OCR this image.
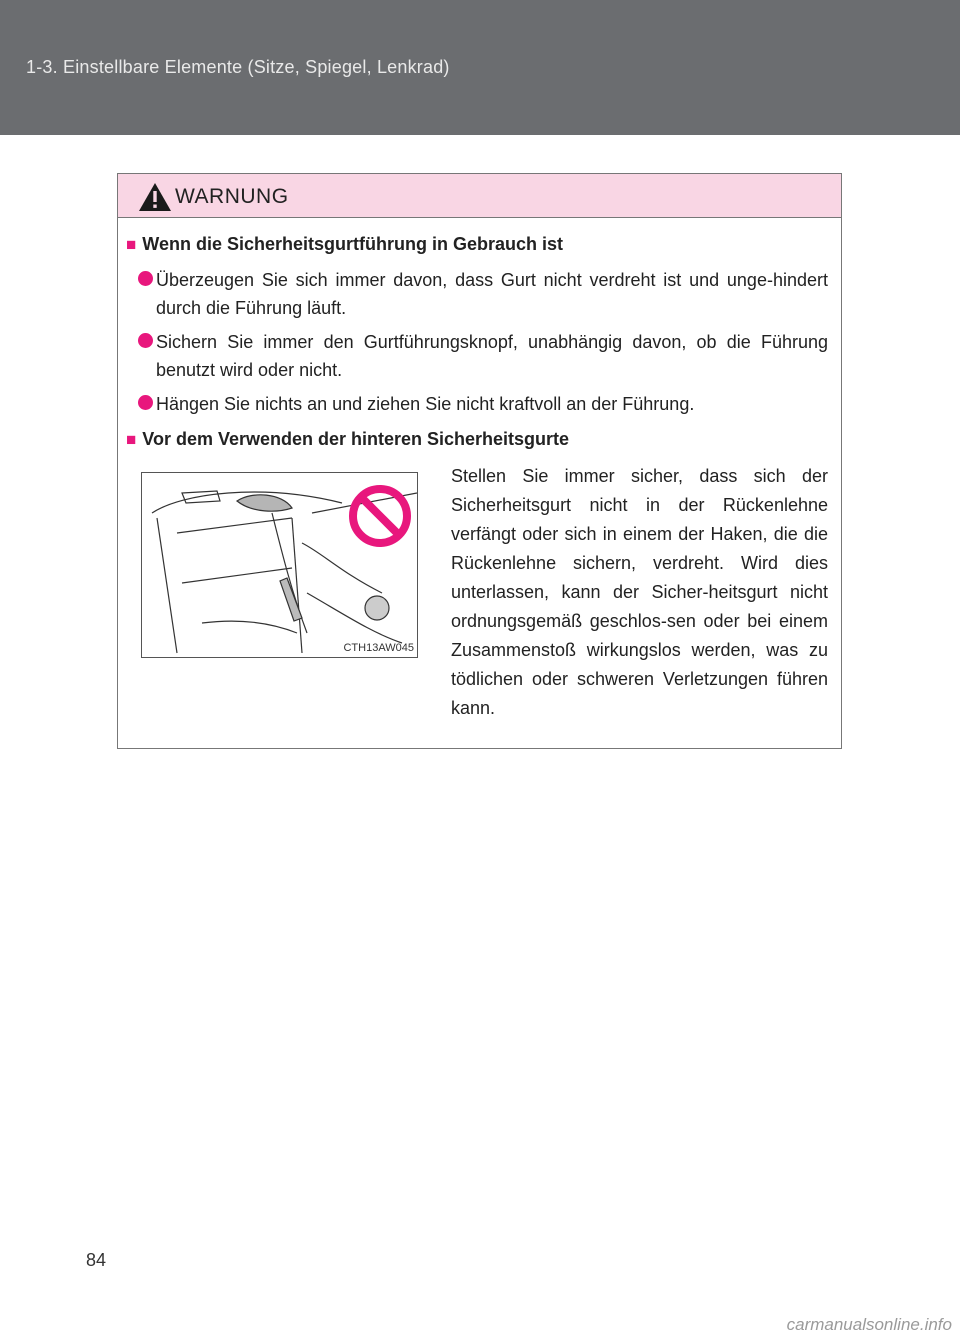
1-3. Einstellbare Elemente (Sitze, Spiegel, Lenkrad)
WARNUNG
■ Wenn die Sicherheitsgurtführung in Gebrauch ist
Überzeugen Sie sich immer davon, dass Gurt nicht verdreht ist und unge-hindert durch die Führung läuft.
Sichern Sie immer den Gurtführungsknopf, unabhängig davon, ob die Führung benutzt wird oder nicht.
Hängen Sie nichts an und ziehen Sie nicht kraftvoll an der Führung.
■ Vor dem Verwenden der hinteren Sicherheitsgurte
CTH13AW045
Stellen Sie immer sicher, dass sich der Sicherheitsgurt nicht in der Rückenlehne verfängt oder sich in einem der Haken, die die Rückenlehne sichern, verdreht. Wird dies unterlassen, kann der Sicher-heitsgurt nicht ordnungsgemäß geschlos-sen oder bei einem Zusammenstoß wirkungslos werden, was zu tödlichen oder schweren Verletzungen führen kann.
84
carmanualsonline.info
